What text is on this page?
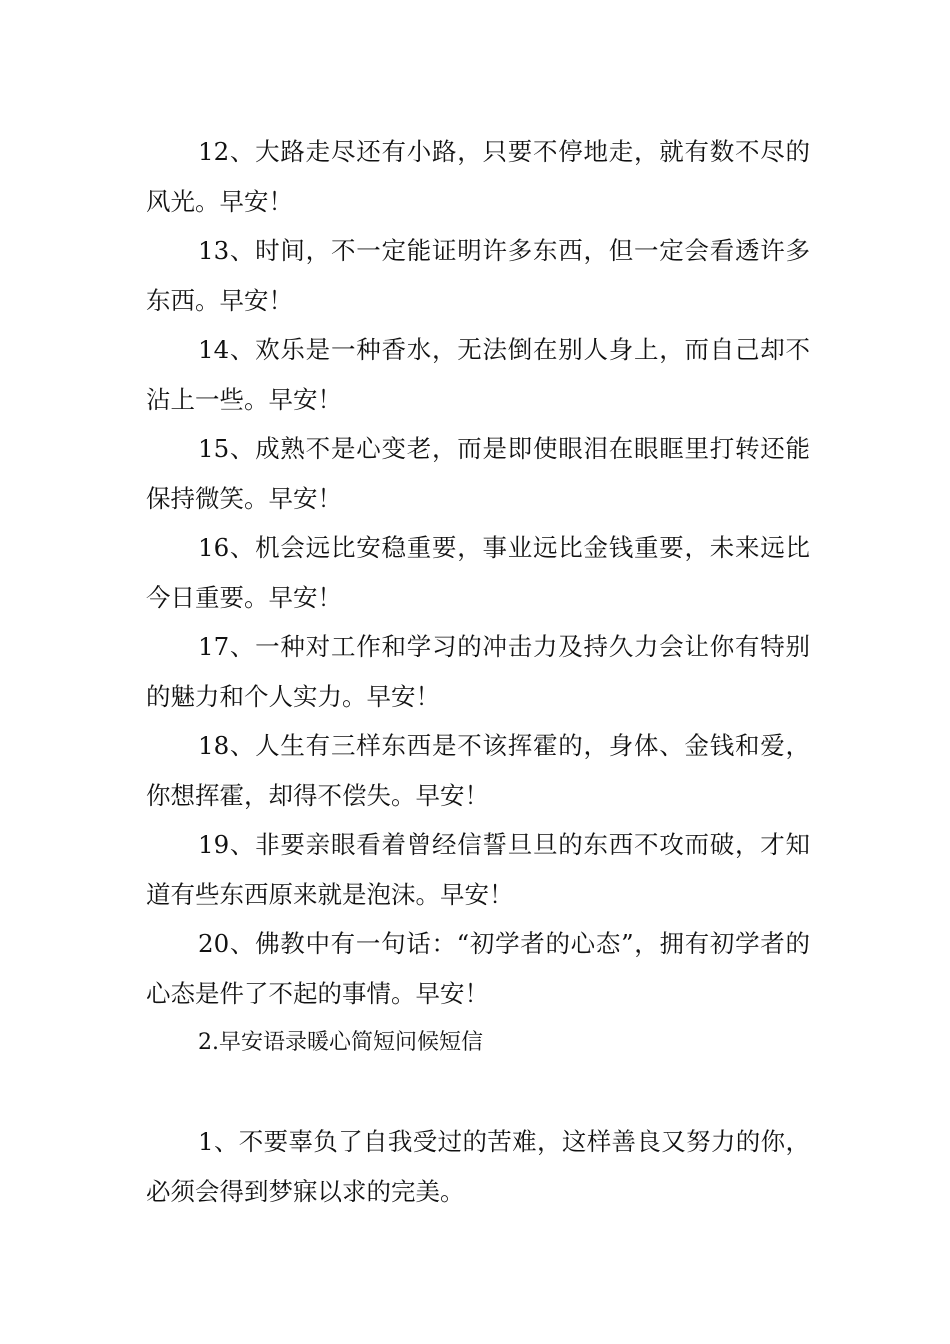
12、大路走尽还有小路，只要不停地走，就有数不尽的风光。早安！

13、时间，不一定能证明许多东西，但一定会看透许多东西。早安！

14、欢乐是一种香水，无法倒在别人身上，而自己却不沾上一些。早安！

15、成熟不是心变老，而是即使眼泪在眼眶里打转还能保持微笑。早安！

16、机会远比安稳重要，事业远比金钱重要，未来远比今日重要。早安！

17、一种对工作和学习的冲击力及持久力会让你有特别的魅力和个人实力。早安！

18、人生有三样东西是不该挥霍的，身体、金钱和爱，你想挥霍，却得不偿失。早安！

19、非要亲眼看着曾经信誓旦旦的东西不攻而破，才知道有些东西原来就是泡沫。早安！

20、佛教中有一句话：“初学者的心态”，拥有初学者的心态是件了不起的事情。早安！

2.早安语录暖心简短问候短信

1、不要辜负了自我受过的苦难，这样善良又努力的你，必须会得到梦寐以求的完美。
